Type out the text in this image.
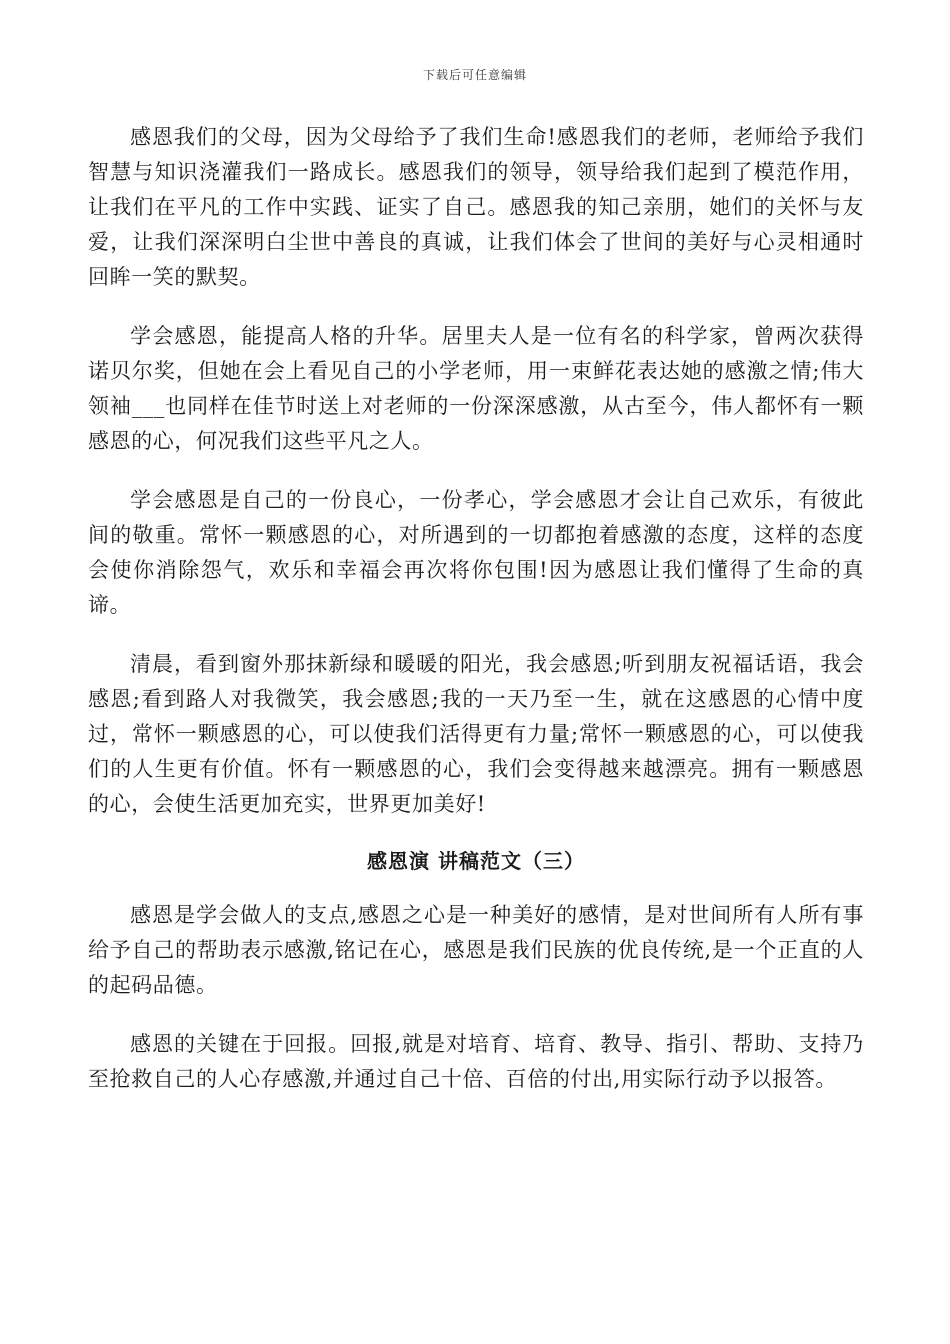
下载后可任意编辑

感恩我们的父母，因为父母给予了我们生命!感恩我们的老师，老师给予我们智慧与知识浇灌我们一路成长。感恩我们的领导，领导给我们起到了模范作用，让我们在平凡的工作中实践、证实了自己。感恩我的知己亲朋，她们的关怀与友爱，让我们深深明白尘世中善良的真诚，让我们体会了世间的美好与心灵相通时回眸一笑的默契。

学会感恩，能提高人格的升华。居里夫人是一位有名的科学家，曾两次获得诺贝尔奖，但她在会上看见自己的小学老师，用一束鲜花表达她的感激之情;伟大领袖___也同样在佳节时送上对老师的一份深深感激，从古至今，伟人都怀有一颗感恩的心，何况我们这些平凡之人。

学会感恩是自己的一份良心，一份孝心，学会感恩才会让自己欢乐，有彼此间的敬重。常怀一颗感恩的心，对所遇到的一切都抱着感激的态度，这样的态度会使你消除怨气，欢乐和幸福会再次将你包围!因为感恩让我们懂得了生命的真谛。

清晨，看到窗外那抹新绿和暖暖的阳光，我会感恩;听到朋友祝福话语，我会感恩;看到路人对我微笑，我会感恩;我的一天乃至一生，就在这感恩的心情中度过，常怀一颗感恩的心，可以使我们活得更有力量;常怀一颗感恩的心，可以使我们的人生更有价值。怀有一颗感恩的心，我们会变得越来越漂亮。拥有一颗感恩的心，会使生活更加充实，世界更加美好!

感恩演 讲稿范文（三）

感恩是学会做人的支点,感恩之心是一种美好的感情，是对世间所有人所有事给予自己的帮助表示感激,铭记在心，感恩是我们民族的优良传统,是一个正直的人的起码品德。

感恩的关键在于回报。回报,就是对培育、培育、教导、指引、帮助、支持乃至抢救自己的人心存感激,并通过自己十倍、百倍的付出,用实际行动予以报答。
